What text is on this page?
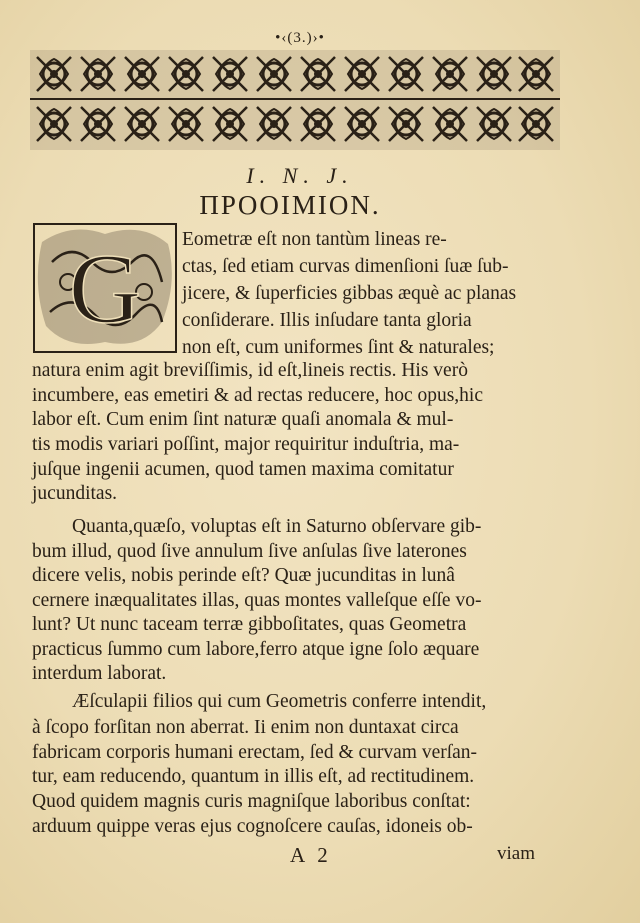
•‹(3.)›•
I. N. J.
ΠΡΟΟΙΜΙΟΝ.
G Eometræ eſt non tantùm lineas re-
ctas, ſed etiam curvas dimenſioni ſuæ ſub-
jicere, & ſuperficies gibbas æquè ac planas
conſiderare. Illis inſudare tanta gloria
non eſt, cum uniformes ſint & naturales;
natura enim agit breviſſimis, id eſt,lineis rectis. His verò
incumbere, eas emetiri & ad rectas reducere, hoc opus,hic
labor eſt. Cum enim ſint naturæ quaſi anomala & mul-
tis modis variari poſſint, major requiritur induſtria, ma-
juſque ingenii acumen, quod tamen maxima comitatur
jucunditas.
Quanta,quæſo, voluptas eſt in Saturno obſervare gib-
bum illud, quod ſive annulum ſive anſulas ſive laterones
dicere velis, nobis perinde eſt? Quæ jucunditas in lunâ
cernere inæqualitates illas, quas montes valleſque eſſe vo-
lunt? Ut nunc taceam terræ gibboſitates, quas Geometra
practicus ſummo cum labore,ferro atque igne ſolo æquare
interdum laborat.
Æſculapii filios qui cum Geometris conferre intendit,
à ſcopo forſitan non aberrat. Ii enim non duntaxat circa
fabricam corporis humani erectam, ſed & curvam verſan-
tur, eam reducendo, quantum in illis eſt, ad rectitudinem.
Quod quidem magnis curis magniſque laboribus conſtat:
arduum quippe veras ejus cognoſcere cauſas, idoneis ob-
A 2	viam
